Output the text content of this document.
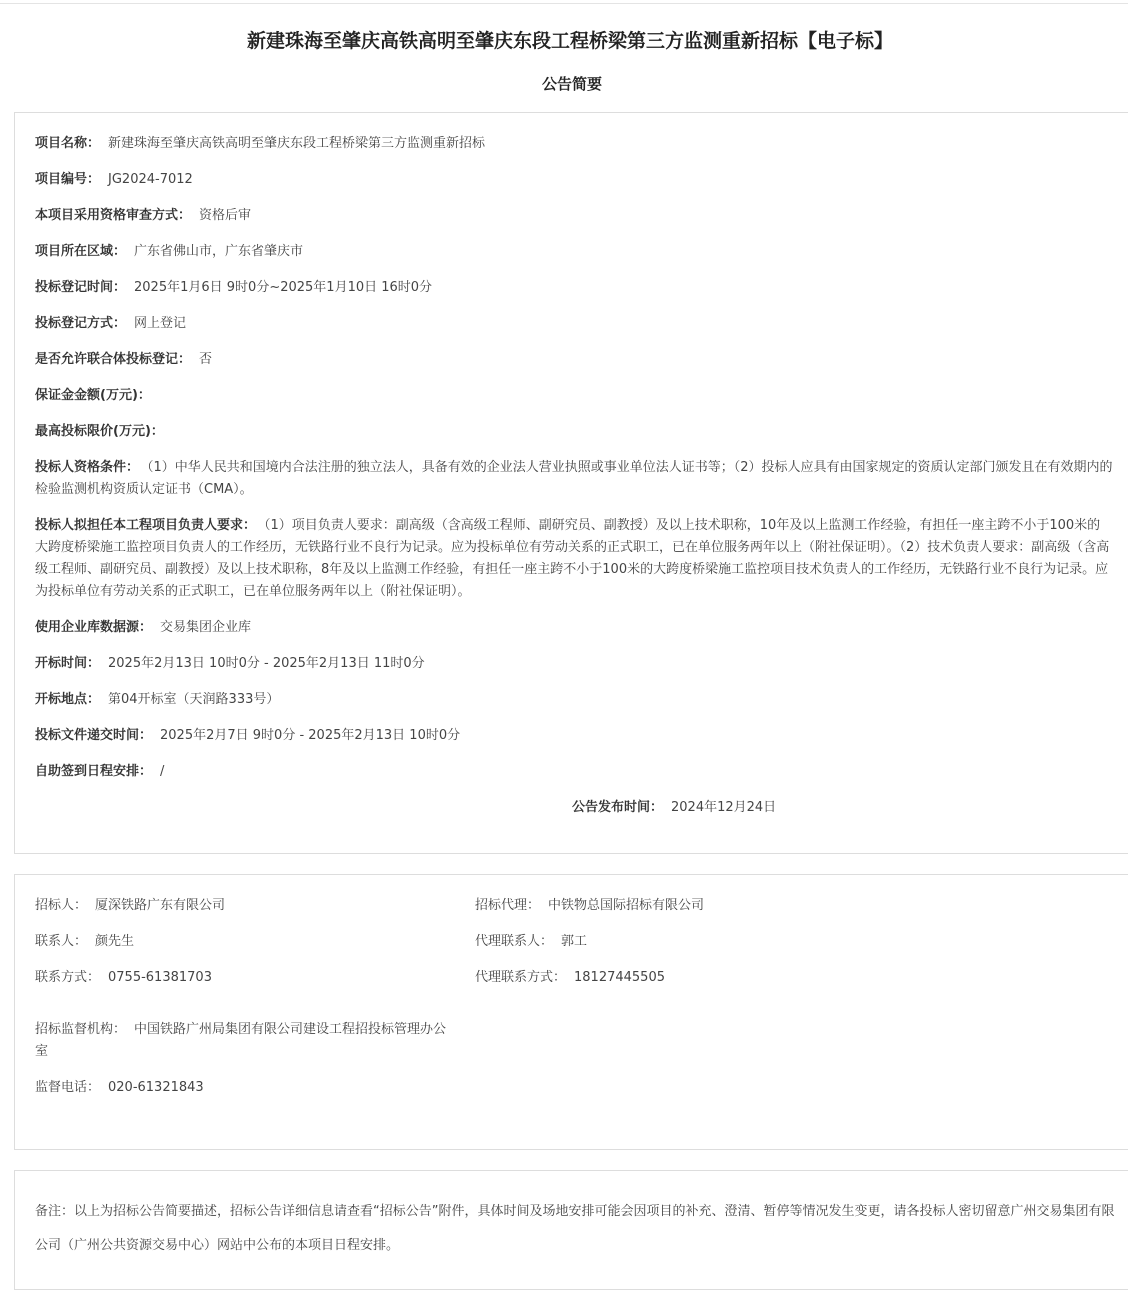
新建珠海至肇庆高铁高明至肇庆东段工程桥梁第三方监测重新招标【电子标】
公告简要
项目名称： 新建珠海至肇庆高铁高明至肇庆东段工程桥梁第三方监测重新招标
项目编号： JG2024-7012
本项目采用资格审查方式： 资格后审
项目所在区域： 广东省佛山市，广东省肇庆市
投标登记时间： 2025年1月6日 9时0分~2025年1月10日 16时0分
投标登记方式： 网上登记
是否允许联合体投标登记： 否
保证金金额(万元)：
最高投标限价(万元)：
投标人资格条件： （1）中华人民共和国境内合法注册的独立法人，具备有效的企业法人营业执照或事业单位法人证书等；（2）投标人应具有由国家规定的资质认定部门颁发且在有效期内的检验监测机构资质认定证书（CMA）。
投标人拟担任本工程项目负责人要求： （1）项目负责人要求：副高级（含高级工程师、副研究员、副教授）及以上技术职称，10年及以上监测工作经验，有担任一座主跨不小于100米的大跨度桥梁施工监控项目负责人的工作经历，无铁路行业不良行为记录。应为投标单位有劳动关系的正式职工，已在单位服务两年以上（附社保证明）。（2）技术负责人要求：副高级（含高级工程师、副研究员、副教授）及以上技术职称，8年及以上监测工作经验，有担任一座主跨不小于100米的大跨度桥梁施工监控项目技术负责人的工作经历，无铁路行业不良行为记录。应为投标单位有劳动关系的正式职工，已在单位服务两年以上（附社保证明）。
使用企业库数据源： 交易集团企业库
开标时间： 2025年2月13日 10时0分 - 2025年2月13日 11时0分
开标地点： 第04开标室（天润路333号）
投标文件递交时间： 2025年2月7日 9时0分 - 2025年2月13日 10时0分
自助签到日程安排： /
公告发布时间： 2024年12月24日
招标人： 厦深铁路广东有限公司	招标代理： 中铁物总国际招标有限公司
联系人： 颜先生	代理联系人： 郭工
联系方式： 0755-61381703	代理联系方式： 18127445505
招标监督机构： 中国铁路广州局集团有限公司建设工程招投标管理办公室
监督电话： 020-61321843
备注：以上为招标公告简要描述，招标公告详细信息请查看“招标公告”附件，具体时间及场地安排可能会因项目的补充、澄清、暂停等情况发生变更，请各投标人密切留意广州交易集团有限公司（广州公共资源交易中心）网站中公布的本项目日程安排。
